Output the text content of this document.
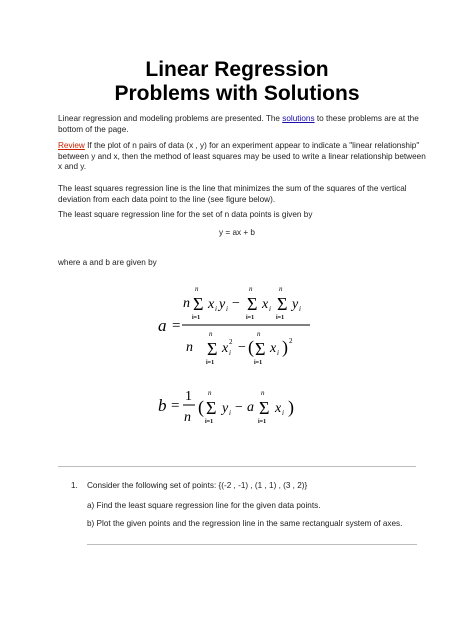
Linear Regression
Problems with Solutions
Linear regression and modeling problems are presented. The solutions to these problems are at the bottom of the page.
Review If the plot of n pairs of data (x , y) for an experiment appear to indicate a "linear relationship" between y and x, then the method of least squares may be used to write a linear relationship between x and y.
The least squares regression line is the line that minimizes the sum of the squares of the vertical deviation from each data point to the line (see figure below).
The least square regression line for the set of n data points is given by
y = ax + b
where a and b are given by
a =
n
n
Σ
i=1
x i y i −
n
Σ
i=1
x i
n
Σ
i=1
y i
n
n
Σ
i=1
x i
2 − (
n
Σ
i=1
x i ) 2
b =
1
n
(
n
Σ
i=1
y i − a
n
Σ
i=1
x i )
1. Consider the following set of points: {(-2 , -1) , (1 , 1) , (3 , 2)}
a) Find the least square regression line for the given data points.
b) Plot the given points and the regression line in the same rectangualr system of axes.
